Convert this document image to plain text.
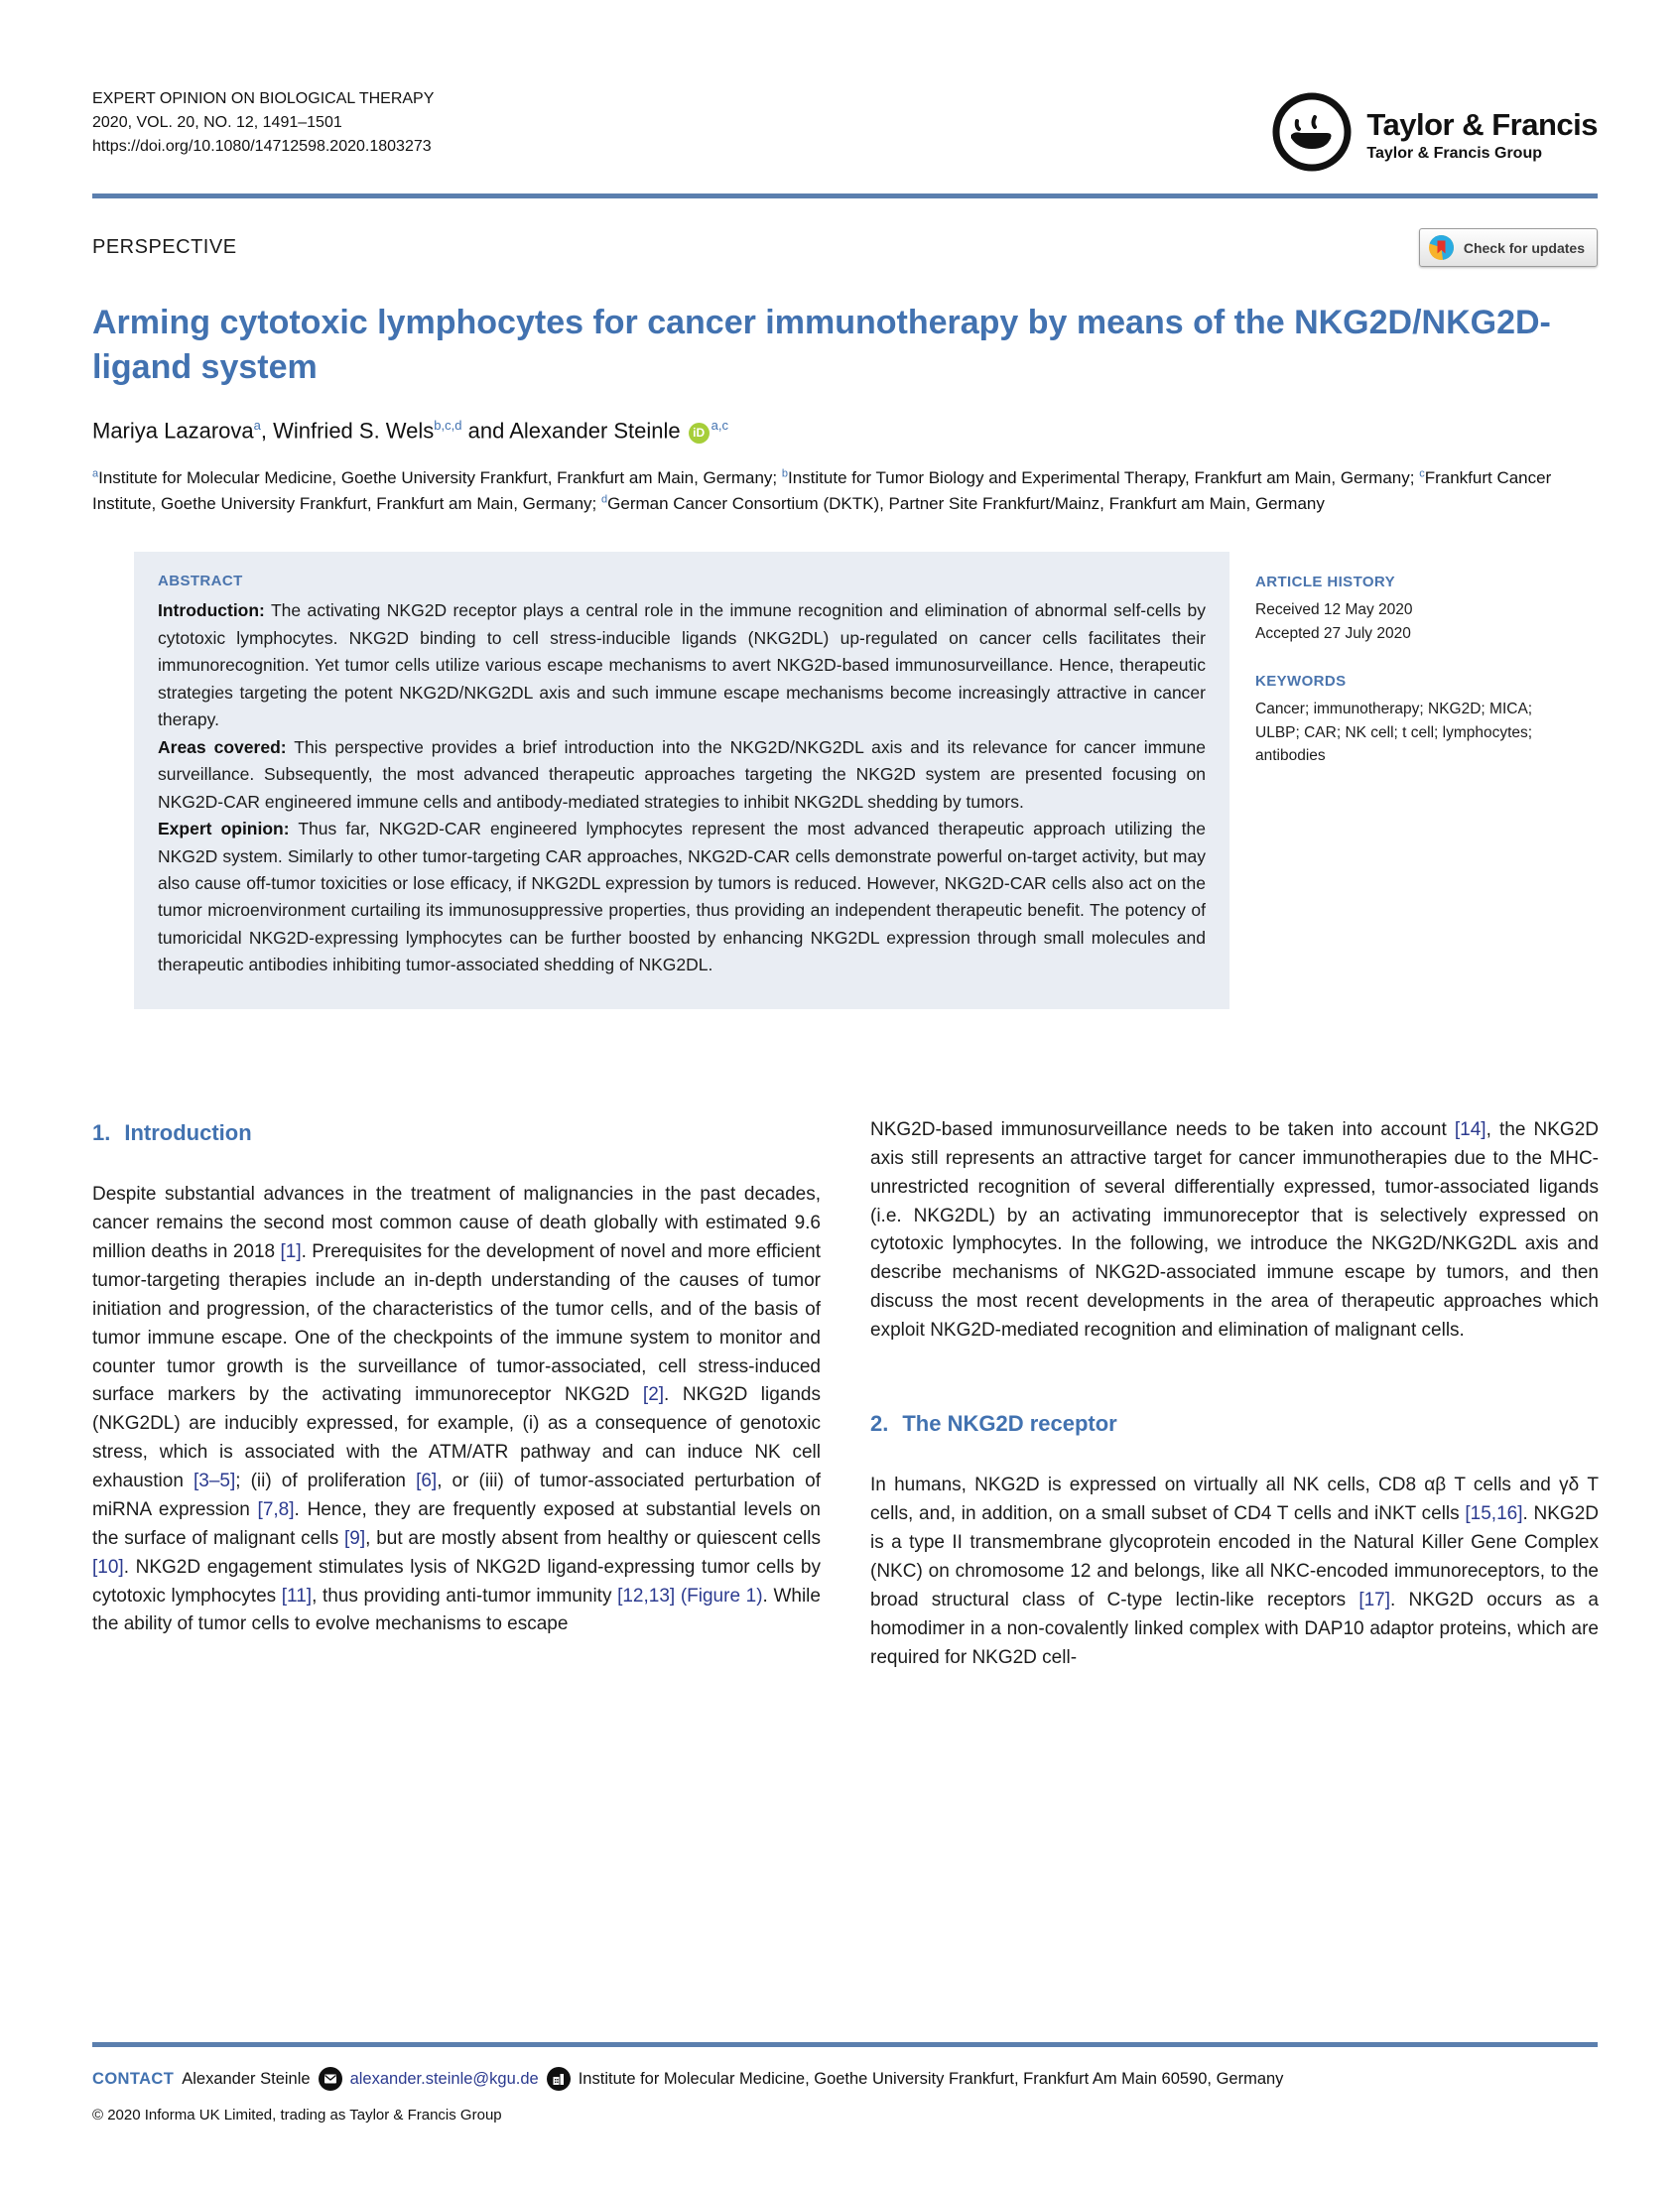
EXPERT OPINION ON BIOLOGICAL THERAPY
2020, VOL. 20, NO. 12, 1491–1501
https://doi.org/10.1080/14712598.2020.1803273
Taylor & Francis
Taylor & Francis Group
PERSPECTIVE	Check for updates
Arming cytotoxic lymphocytes for cancer immunotherapy by means of the NKG2D/NKG2D-ligand system
Mariya Lazarova$^a$, Winfried S. Wels$^{b,c,d}$ and Alexander Steinle iD$^{a,c}$
$^a$Institute for Molecular Medicine, Goethe University Frankfurt, Frankfurt am Main, Germany; $^b$Institute for Tumor Biology and Experimental Therapy, Frankfurt am Main, Germany; $^c$Frankfurt Cancer Institute, Goethe University Frankfurt, Frankfurt am Main, Germany; $^d$German Cancer Consortium (DKTK), Partner Site Frankfurt/Mainz, Frankfurt am Main, Germany
ABSTRACT

Introduction: The activating NKG2D receptor plays a central role in the immune recognition and elimination of abnormal self-cells by cytotoxic lymphocytes. NKG2D binding to cell stress-inducible ligands (NKG2DL) up-regulated on cancer cells facilitates their immunorecognition. Yet tumor cells utilize various escape mechanisms to avert NKG2D-based immunosurveillance. Hence, therapeutic strategies targeting the potent NKG2D/NKG2DL axis and such immune escape mechanisms become increasingly attractive in cancer therapy.

Areas covered: This perspective provides a brief introduction into the NKG2D/NKG2DL axis and its relevance for cancer immune surveillance. Subsequently, the most advanced therapeutic approaches targeting the NKG2D system are presented focusing on NKG2D-CAR engineered immune cells and antibody-mediated strategies to inhibit NKG2DL shedding by tumors.

Expert opinion: Thus far, NKG2D-CAR engineered lymphocytes represent the most advanced therapeutic approach utilizing the NKG2D system. Similarly to other tumor-targeting CAR approaches, NKG2D-CAR cells demonstrate powerful on-target activity, but may also cause off-tumor toxicities or lose efficacy, if NKG2DL expression by tumors is reduced. However, NKG2D-CAR cells also act on the tumor microenvironment curtailing its immunosuppressive properties, thus providing an independent therapeutic benefit. The potency of tumoricidal NKG2D-expressing lymphocytes can be further boosted by enhancing NKG2DL expression through small molecules and therapeutic antibodies inhibiting tumor-associated shedding of NKG2DL.

ARTICLE HISTORY
Received 12 May 2020
Accepted 27 July 2020
KEYWORDS
Cancer; immunotherapy; NKG2D; MICA; ULBP; CAR; NK cell; t cell; lymphocytes; antibodies
1. Introduction

Despite substantial advances in the treatment of malignancies in the past decades, cancer remains the second most common cause of death globally with estimated 9.6 million deaths in 2018 [1]. Prerequisites for the development of novel and more efficient tumor-targeting therapies include an in-depth understanding of the causes of tumor initiation and progression, of the characteristics of the tumor cells, and of the basis of tumor immune escape. One of the checkpoints of the immune system to monitor and counter tumor growth is the surveillance of tumor-associated, cell stress-induced surface markers by the activating immunoreceptor NKG2D [2]. NKG2D ligands (NKG2DL) are inducibly expressed, for example, (i) as a consequence of genotoxic stress, which is associated with the ATM/ATR pathway and can induce NK cell exhaustion [3–5]; (ii) of proliferation [6], or (iii) of tumor-associated perturbation of miRNA expression [7,8]. Hence, they are frequently exposed at substantial levels on the surface of malignant cells [9], but are mostly absent from healthy or quiescent cells [10]. NKG2D engagement stimulates lysis of NKG2D ligand-expressing tumor cells by cytotoxic lymphocytes [11], thus providing anti-tumor immunity [12,13] (Figure 1). While the ability of tumor cells to evolve mechanisms to escape

NKG2D-based immunosurveillance needs to be taken into account [14], the NKG2D axis still represents an attractive target for cancer immunotherapies due to the MHC-unrestricted recognition of several differentially expressed, tumor-associated ligands (i.e. NKG2DL) by an activating immunoreceptor that is selectively expressed on cytotoxic lymphocytes. In the following, we introduce the NKG2D/NKG2DL axis and describe mechanisms of NKG2D-associated immune escape by tumors, and then discuss the most recent developments in the area of therapeutic approaches which exploit NKG2D-mediated recognition and elimination of malignant cells.

2. The NKG2D receptor

In humans, NKG2D is expressed on virtually all NK cells, CD8 αβ T cells and γδ T cells, and, in addition, on a small subset of CD4 T cells and iNKT cells [15,16]. NKG2D is a type II transmembrane glycoprotein encoded in the Natural Killer Gene Complex (NKC) on chromosome 12 and belongs, like all NKC-encoded immunoreceptors, to the broad structural class of C-type lectin-like receptors [17]. NKG2D occurs as a homodimer in a non-covalently linked complex with DAP10 adaptor proteins, which are required for NKG2D cell-

CONTACT Alexander Steinle alexander.steinle@kgu.de Institute for Molecular Medicine, Goethe University Frankfurt, Frankfurt Am Main 60590, Germany
© 2020 Informa UK Limited, trading as Taylor & Francis Group
